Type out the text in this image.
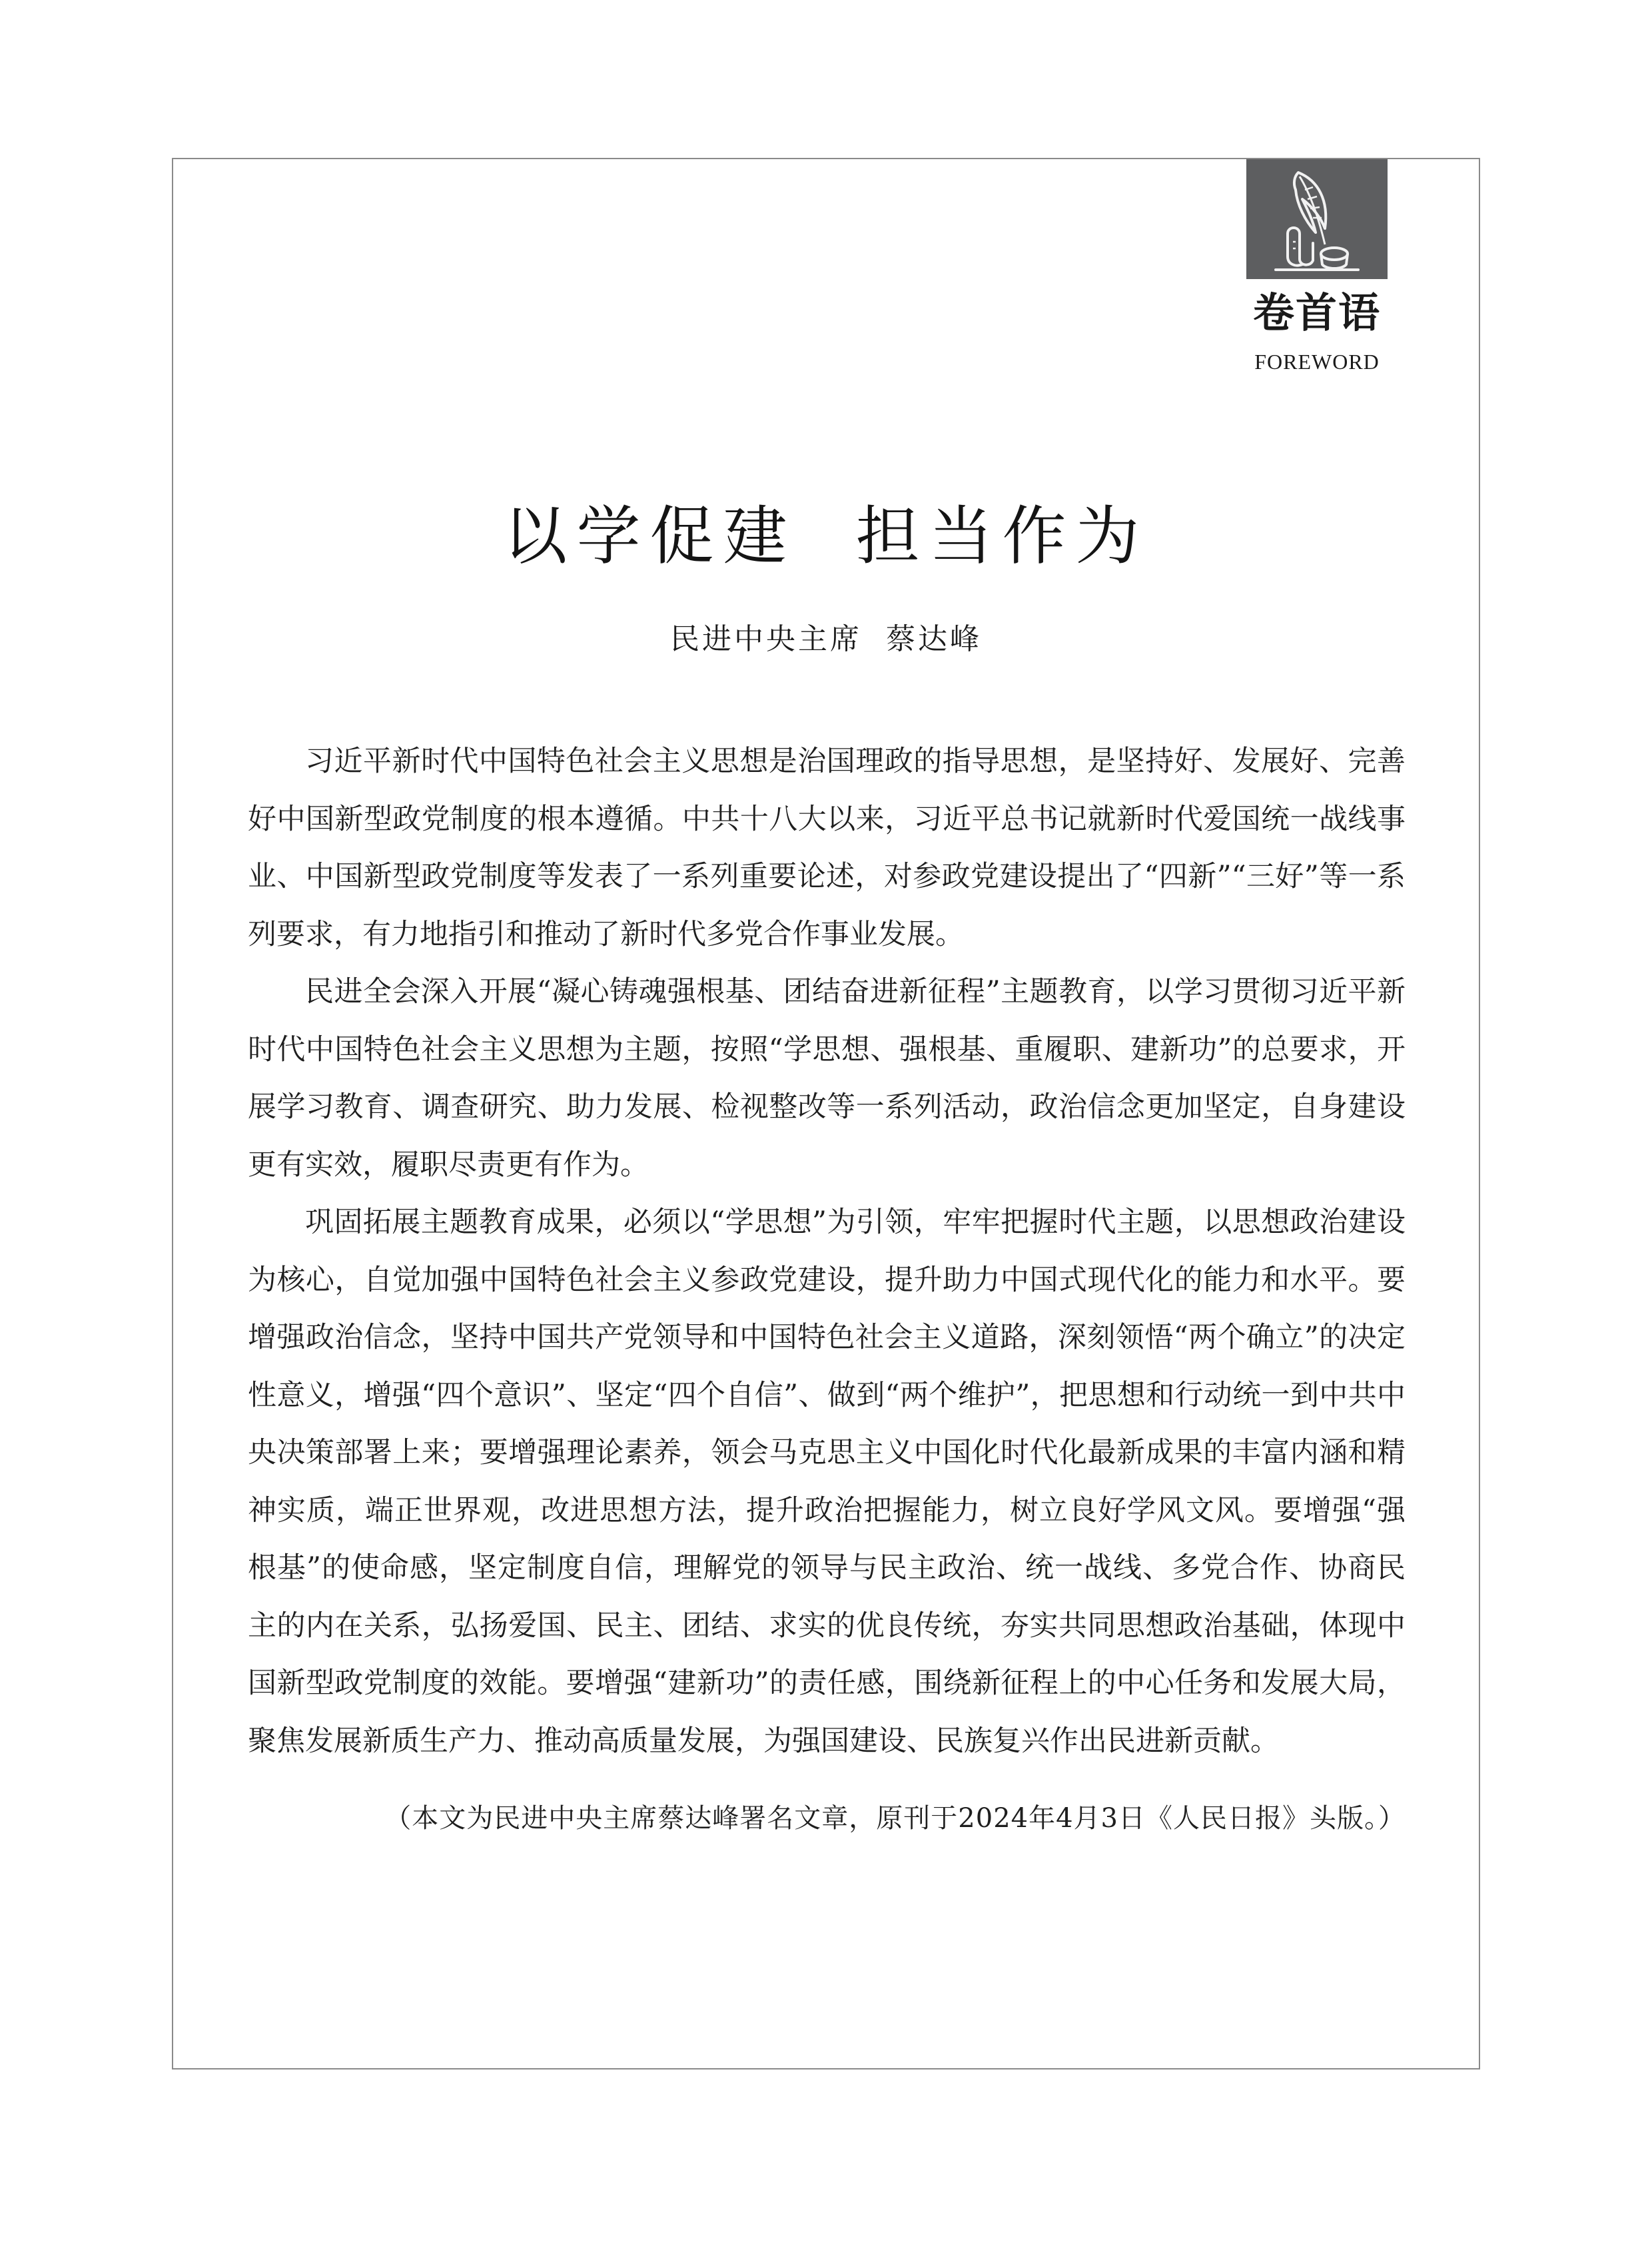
卷首语
FOREWORD
以学促建  担当作为
民进中央主席  蔡达峰

习近平新时代中国特色社会主义思想是治国理政的指导思想，是坚持好、发展好、完善好中国新型政党制度的根本遵循。中共十八大以来，习近平总书记就新时代爱国统一战线事业、中国新型政党制度等发表了一系列重要论述，对参政党建设提出了“四新”“三好”等一系列要求，有力地指引和推动了新时代多党合作事业发展。

民进全会深入开展“凝心铸魂强根基、团结奋进新征程”主题教育，以学习贯彻习近平新时代中国特色社会主义思想为主题，按照“学思想、强根基、重履职、建新功”的总要求，开展学习教育、调查研究、助力发展、检视整改等一系列活动，政治信念更加坚定，自身建设更有实效，履职尽责更有作为。

巩固拓展主题教育成果，必须以“学思想”为引领，牢牢把握时代主题，以思想政治建设为核心，自觉加强中国特色社会主义参政党建设，提升助力中国式现代化的能力和水平。要增强政治信念，坚持中国共产党领导和中国特色社会主义道路，深刻领悟“两个确立”的决定性意义，增强“四个意识”、坚定“四个自信”、做到“两个维护”，把思想和行动统一到中共中央决策部署上来；要增强理论素养，领会马克思主义中国化时代化最新成果的丰富内涵和精神实质，端正世界观，改进思想方法，提升政治把握能力，树立良好学风文风。要增强“强根基”的使命感，坚定制度自信，理解党的领导与民主政治、统一战线、多党合作、协商民主的内在关系，弘扬爱国、民主、团结、求实的优良传统，夯实共同思想政治基础，体现中国新型政党制度的效能。要增强“建新功”的责任感，围绕新征程上的中心任务和发展大局，聚焦发展新质生产力、推动高质量发展，为强国建设、民族复兴作出民进新贡献。

（本文为民进中央主席蔡达峰署名文章，原刊于2024年4月3日《人民日报》头版。）
